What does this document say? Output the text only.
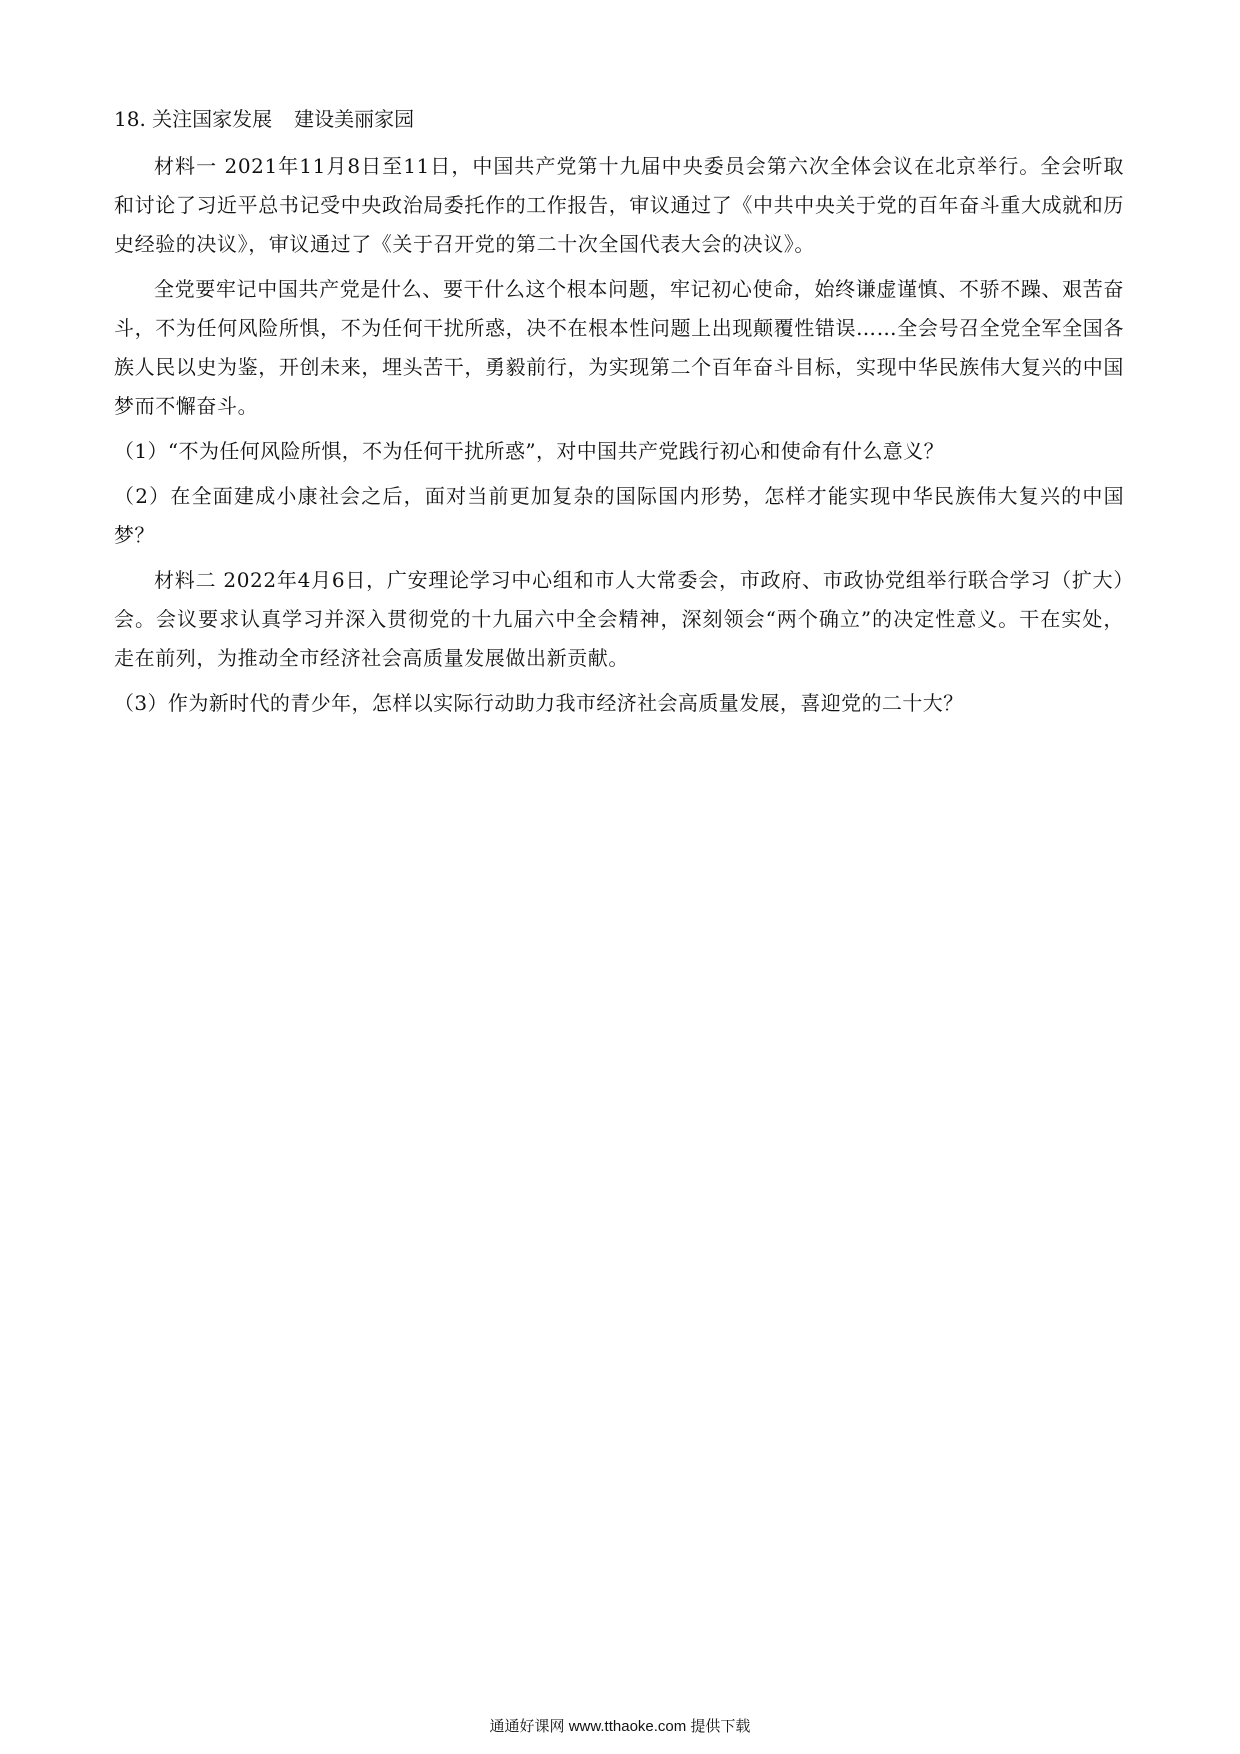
18. 关注国家发展 建设美丽家园

材料一 2021年11月8日至11日，中国共产党第十九届中央委员会第六次全体会议在北京举行。全会听取和讨论了习近平总书记受中央政治局委托作的工作报告，审议通过了《中共中央关于党的百年奋斗重大成就和历史经验的决议》，审议通过了《关于召开党的第二十次全国代表大会的决议》。

全党要牢记中国共产党是什么、要干什么这个根本问题，牢记初心使命，始终谦虚谨慎、不骄不躁、艰苦奋斗，不为任何风险所惧，不为任何干扰所惑，决不在根本性问题上出现颠覆性错误……全会号召全党全军全国各族人民以史为鉴，开创未来，埋头苦干，勇毅前行，为实现第二个百年奋斗目标，实现中华民族伟大复兴的中国梦而不懈奋斗。

（1）“不为任何风险所惧，不为任何干扰所惑”，对中国共产党践行初心和使命有什么意义？

（2）在全面建成小康社会之后，面对当前更加复杂的国际国内形势，怎样才能实现中华民族伟大复兴的中国梦？

材料二 2022年4月6日，广安理论学习中心组和市人大常委会，市政府、市政协党组举行联合学习（扩大）会。会议要求认真学习并深入贯彻党的十九届六中全会精神，深刻领会“两个确立”的决定性意义。干在实处，走在前列，为推动全市经济社会高质量发展做出新贡献。

（3）作为新时代的青少年，怎样以实际行动助力我市经济社会高质量发展，喜迎党的二十大？

通通好课网 www.tthaoke.com 提供下载
